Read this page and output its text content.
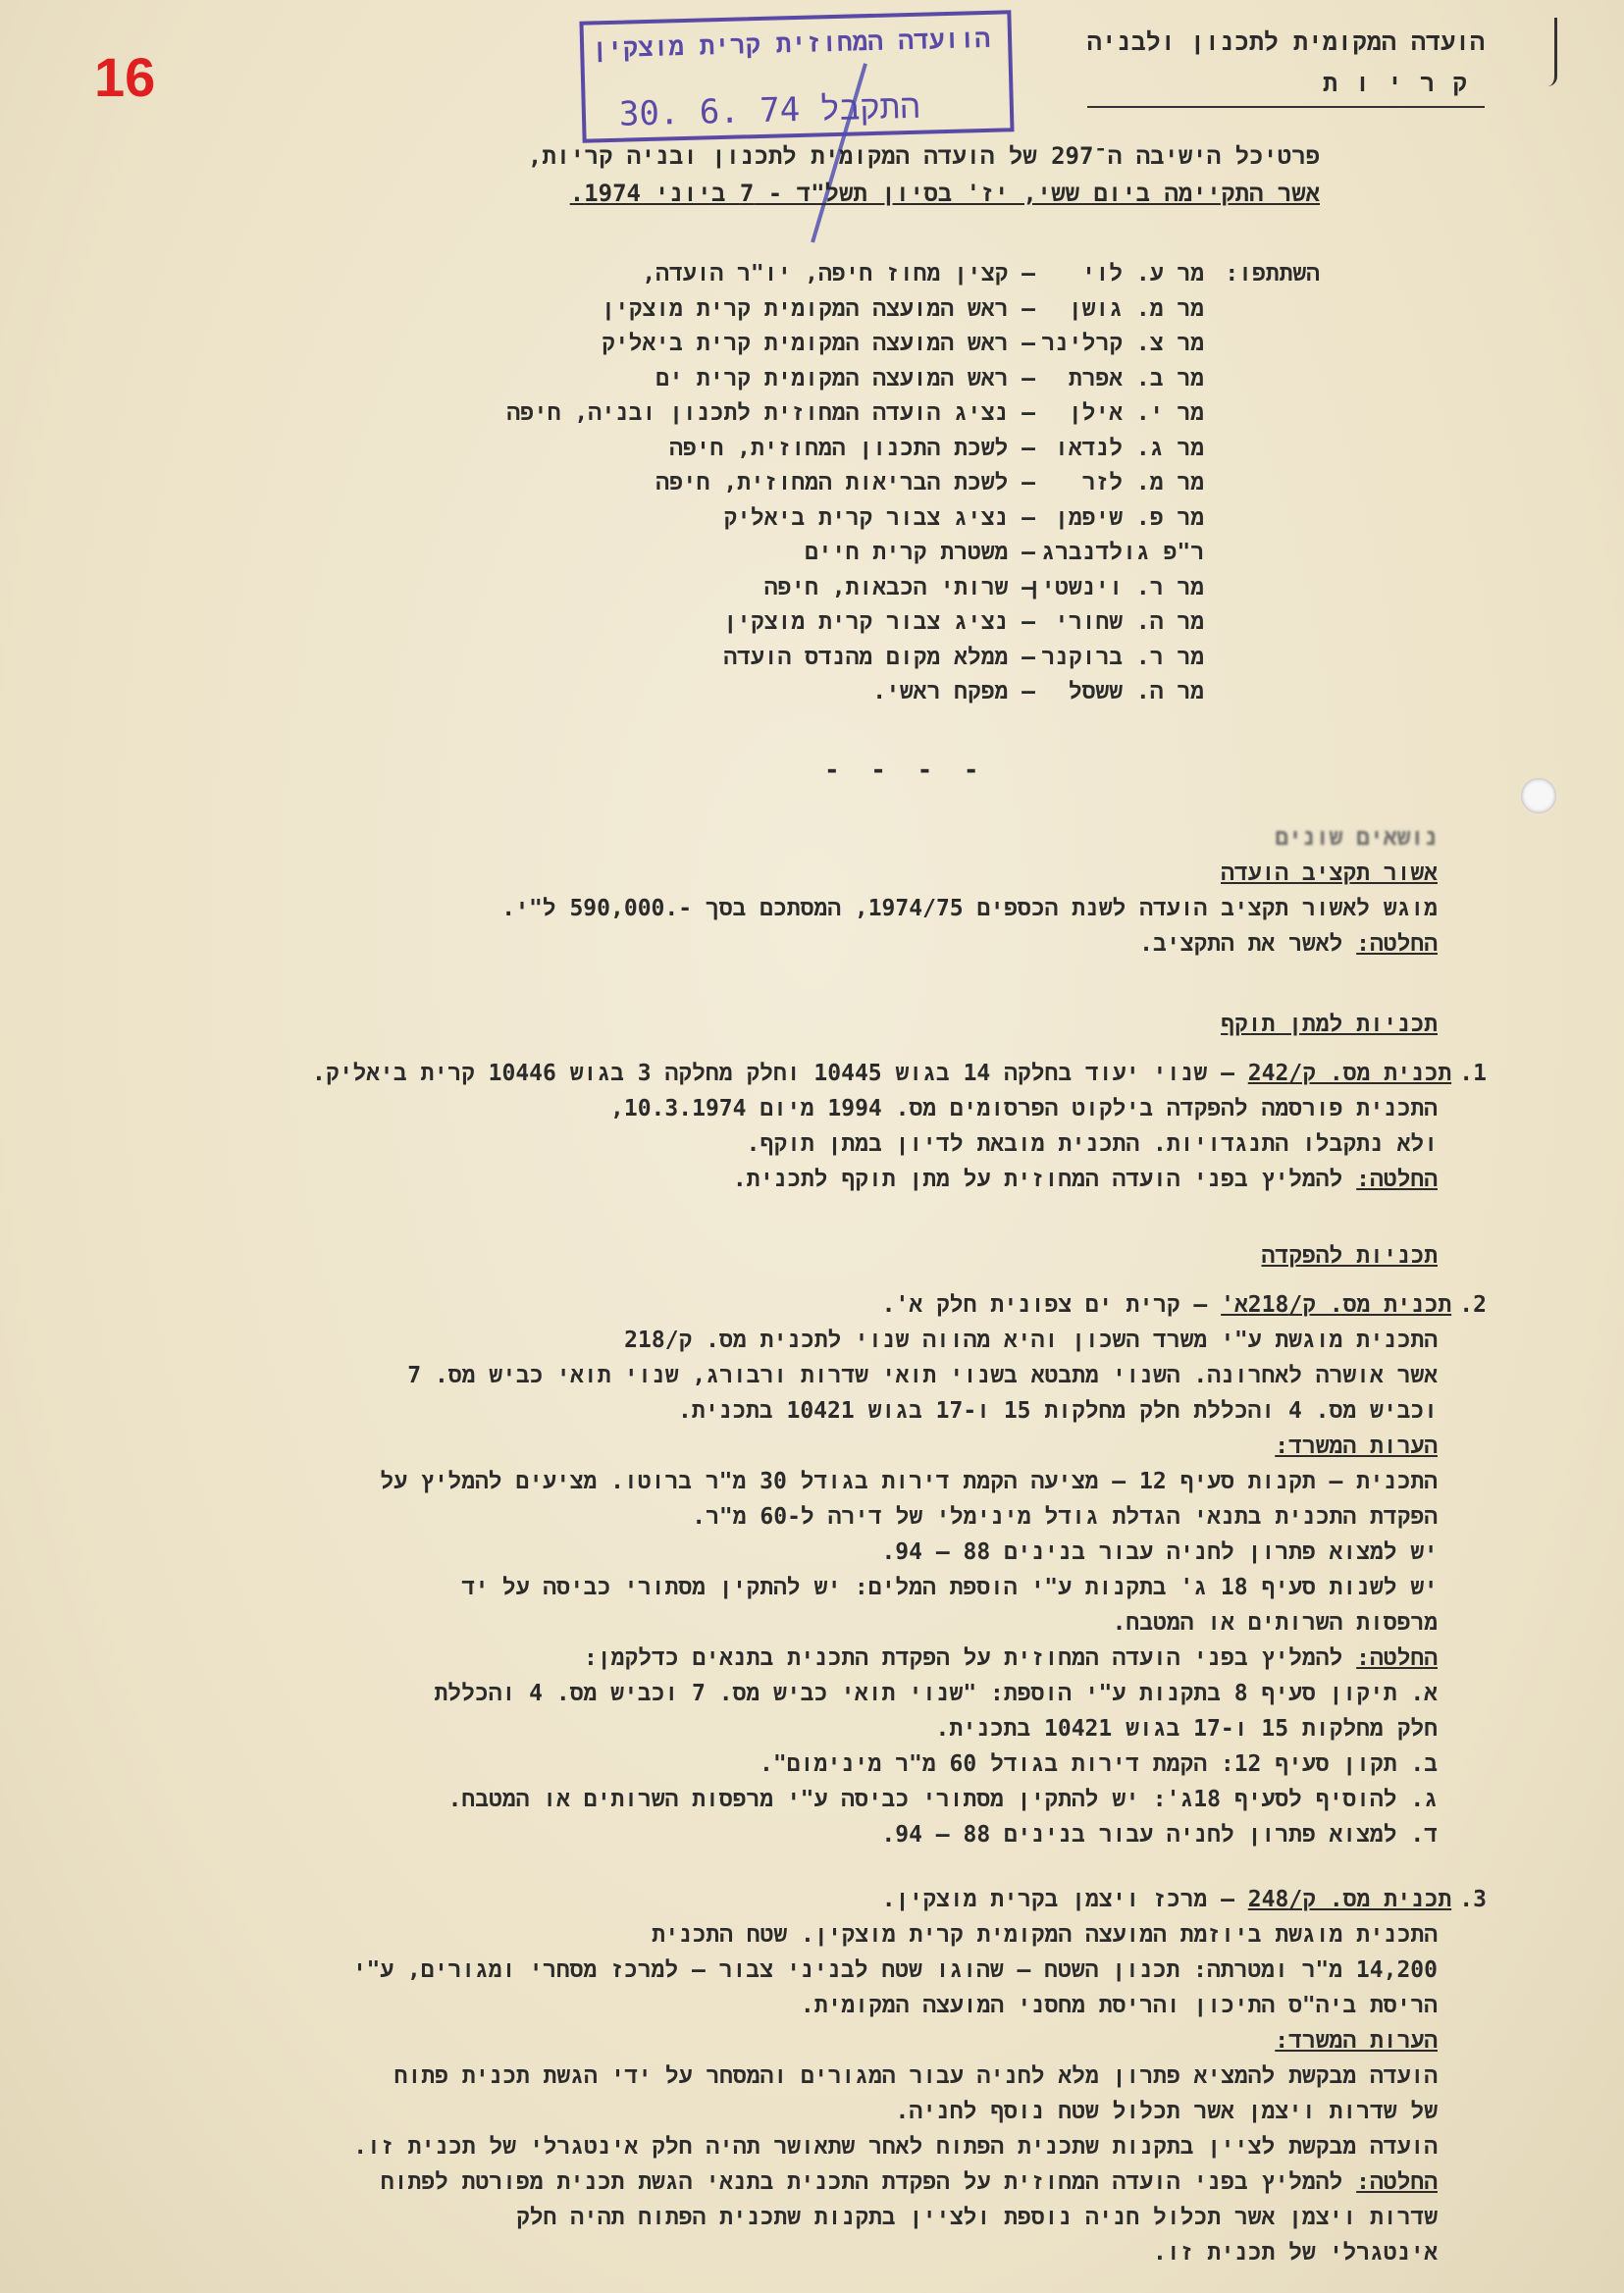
16
הוועדה המחוזית קרית מוצקין
30. 6. 74 התקבל
הועדה המקומית לתכנון ולבניה
קריות
פרטיכל הישיבה ה־297 של הועדה המקומית לתכנון ובניה קריות,
אשר התקיימה ביום ששי, יז' בסיון תשל"ד - 7 ביוני 1974.
השתתפו:
מר ע. לוי
– קצין מחוז חיפה, יו"ר הועדה,
מר מ. גושן
– ראש המועצה המקומית קרית מוצקין
מר צ. קרלינר
– ראש המועצה המקומית קרית ביאליק
מר ב. אפרת
– ראש המועצה המקומית קרית ים
מר י. אילן
– נציג הועדה המחוזית לתכנון ובניה, חיפה
מר ג. לנדאו
– לשכת התכנון המחוזית, חיפה
מר מ. לזר
– לשכת הבריאות המחוזית, חיפה
מר פ. שיפמן
– נציג צבור קרית ביאליק
ר"פ גולדנברג
– משטרת קרית חיים
מר ר. וינשטין
– שרותי הכבאות, חיפה
מר ה. שחורי
– נציג צבור קרית מוצקין
מר ר. ברוקנר
– ממלא מקום מהנדס הועדה
מר ה. ששסל
– מפקח ראשי.
- - - -
נושאים שונים
אשור תקציב הועדה
מוגש לאשור תקציב הועדה לשנת הכספים 1974/75, המסתכם בסך -.590,000 ל"י.
החלטה: לאשר את התקציב.
תכניות למתן תוקף
1. תכנית מס. ק/242 – שנוי יעוד בחלקה 14 בגוש 10445 וחלק מחלקה 3 בגוש 10446 קרית ביאליק.
התכנית פורסמה להפקדה בילקוט הפרסומים מס. 1994 מיום 10.3.1974,
ולא נתקבלו התנגדויות. התכנית מובאת לדיון במתן תוקף.
החלטה: להמליץ בפני הועדה המחוזית על מתן תוקף לתכנית.
תכניות להפקדה
2. תכנית מס. ק/218א' – קרית ים צפונית חלק א'.
התכנית מוגשת ע"י משרד השכון והיא מהווה שנוי לתכנית מס. ק/218
אשר אושרה לאחרונה. השנוי מתבטא בשנוי תואי שדרות ורבורג, שנוי תואי כביש מס. 7
וכביש מס. 4 והכללת חלק מחלקות 15 ו-17 בגוש 10421 בתכנית.
הערות המשרד:
התכנית – תקנות סעיף 12 – מציעה הקמת דירות בגודל 30 מ"ר ברוטו. מציעים להמליץ על
הפקדת התכנית בתנאי הגדלת גודל מינימלי של דירה ל-60 מ"ר.
יש למצוא פתרון לחניה עבור בנינים 88 – 94.
יש לשנות סעיף 18 ג' בתקנות ע"י הוספת המלים: יש להתקין מסתורי כביסה על יד
מרפסות השרותים או המטבח.
החלטה: להמליץ בפני הועדה המחוזית על הפקדת התכנית בתנאים כדלקמן:
א. תיקון סעיף 8 בתקנות ע"י הוספת: "שנוי תואי כביש מס. 7 וכביש מס. 4 והכללת
חלק מחלקות 15 ו-17 בגוש 10421 בתכנית.
ב. תקון סעיף 12: הקמת דירות בגודל 60 מ"ר מינימום".
ג. להוסיף לסעיף 18ג': יש להתקין מסתורי כביסה ע"י מרפסות השרותים או המטבח.
ד. למצוא פתרון לחניה עבור בנינים 88 – 94.
3. תכנית מס. ק/248 – מרכז ויצמן בקרית מוצקין.
התכנית מוגשת ביוזמת המועצה המקומית קרית מוצקין. שטח התכנית
14,200 מ"ר ומטרתה: תכנון השטח – שהוגו שטח לבניני צבור – למרכז מסחרי ומגורים, ע"י
הריסת ביה"ס התיכון והריסת מחסני המועצה המקומית.
הערות המשרד:
הועדה מבקשת להמציא פתרון מלא לחניה עבור המגורים והמסחר על ידי הגשת תכנית פתוח
של שדרות ויצמן אשר תכלול שטח נוסף לחניה.
הועדה מבקשת לציין בתקנות שתכנית הפתוח לאחר שתאושר תהיה חלק אינטגרלי של תכנית זו.
החלטה: להמליץ בפני הועדה המחוזית על הפקדת התכנית בתנאי הגשת תכנית מפורטת לפתוח
שדרות ויצמן אשר תכלול חניה נוספת ולציין בתקנות שתכנית הפתוח תהיה חלק
אינטגרלי של תכנית זו.
